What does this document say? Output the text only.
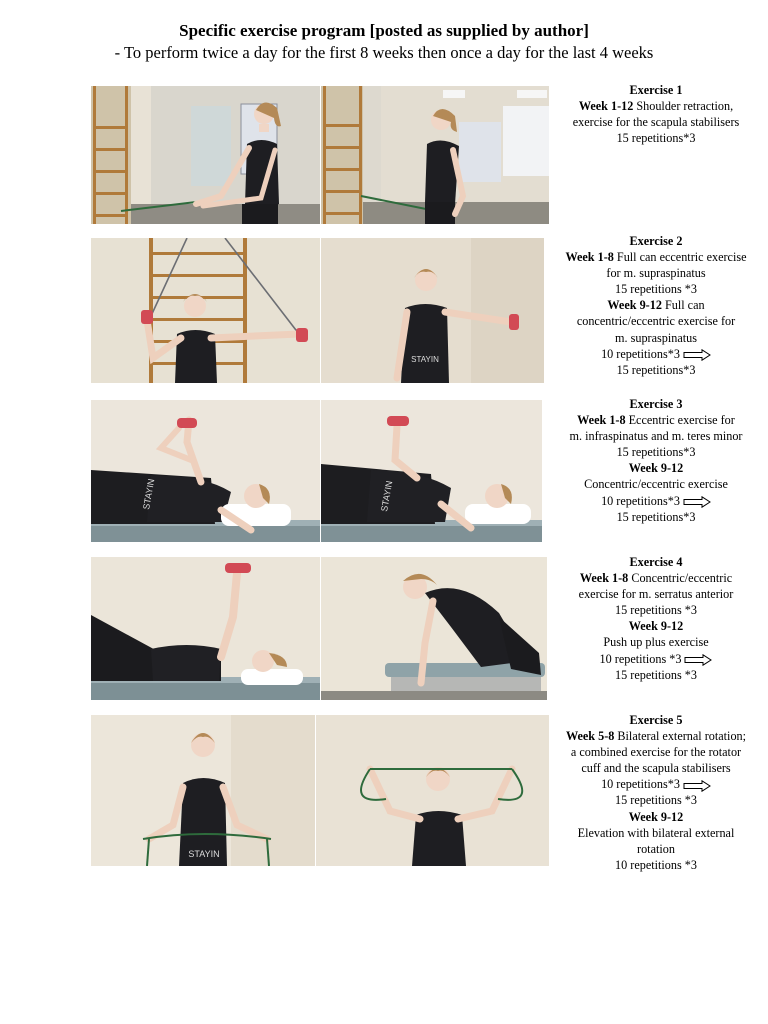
Specific exercise program [posted as supplied by author]
- To perform twice a day for the first 8 weeks then once a day for the last 4 weeks
STAYIN
STAYIN	STAYIN
STAYIN
Exercise 1
Week 1-12 Shoulder retraction,
exercise for the scapula stabilisers
15 repetitions*3
Exercise 2
Week 1-8 Full can eccentric exercise
for m. supraspinatus
15 repetitions *3
Week 9-12 Full can
concentric/eccentric exercise for
m. supraspinatus
10 repetitions*3
15 repetitions*3
Exercise 3
Week 1-8 Eccentric exercise for
m. infraspinatus and m. teres minor
15 repetitions*3
Week 9-12
Concentric/eccentric exercise
10 repetitions*3
15 repetitions*3
Exercise 4
Week 1-8 Concentric/eccentric
exercise for m. serratus anterior
15 repetitions *3
Week 9-12
Push up plus exercise
10 repetitions *3
15 repetitions *3
Exercise 5
Week 5-8 Bilateral external rotation;
a combined exercise for the rotator
cuff and the scapula stabilisers
10 repetitions*3
15 repetitions *3
Week 9-12
Elevation with bilateral external
rotation
10 repetitions *3
